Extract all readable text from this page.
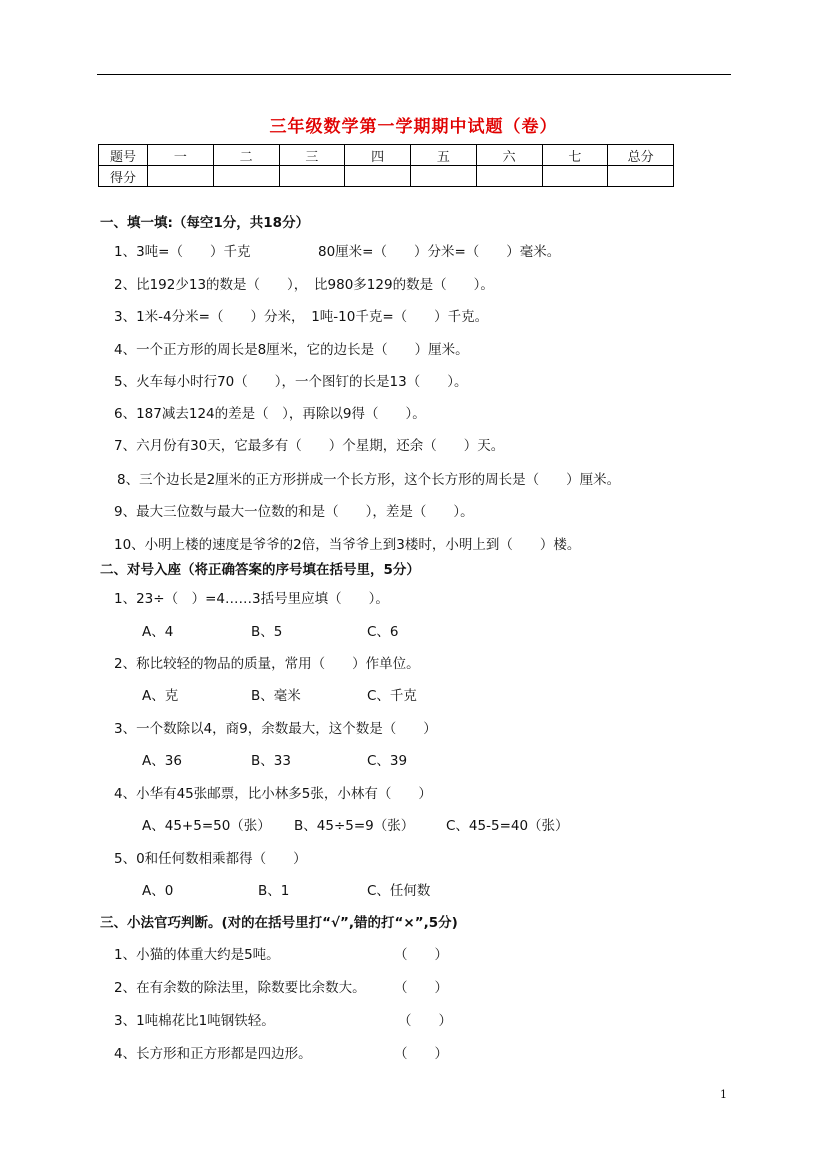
三年级数学第一学期期中试题（卷）
题号	一	二	三	四	五	六	七	总分
得分								
一、填一填:（每空1分，共18分）
1、3吨=（　　）千克　　　　　80厘米=（　　）分米=（　　）毫米。
2、比192少13的数是（　　），　比980多129的数是（　　）。
3、1米-4分米=（　　）分米，　1吨-10千克=（　　）千克。
4、一个正方形的周长是8厘米，它的边长是（　　）厘米。
5、火车每小时行70（　　），一个图钉的长是13（　　）。
6、187减去124的差是（　），再除以9得（　　）。
7、六月份有30天，它最多有（　　）个星期，还余（　　）天。
8、三个边长是2厘米的正方形拼成一个长方形，这个长方形的周长是（　　）厘米。
9、最大三位数与最大一位数的和是（　　），差是（　　）。
10、小明上楼的速度是爷爷的2倍，当爷爷上到3楼时，小明上到（　　）楼。
二、对号入座（将正确答案的序号填在括号里，5分）
1、23÷（　）=4……3括号里应填（　　）。
A、4	B、5	C、6
2、称比较轻的物品的质量，常用（　　）作单位。
A、克	B、毫米	C、千克
3、一个数除以4，商9，余数最大，这个数是（　　）
A、36	B、33	C、39
4、小华有45张邮票，比小林多5张，小林有（　　）
A、45+5=50（张） B、45÷5=9（张） C、45-5=40（张）
5、0和任何数相乘都得（　　）
A、0	B、1	C、任何数
三、小法官巧判断。(对的在括号里打“√”,错的打“×”,5分)
1、小猫的体重大约是5吨。	（　　）
2、在有余数的除法里，除数要比余数大。 （　　）
3、1吨棉花比1吨钢铁轻。	（　　）
4、长方形和正方形都是四边形。	（　　）
1
